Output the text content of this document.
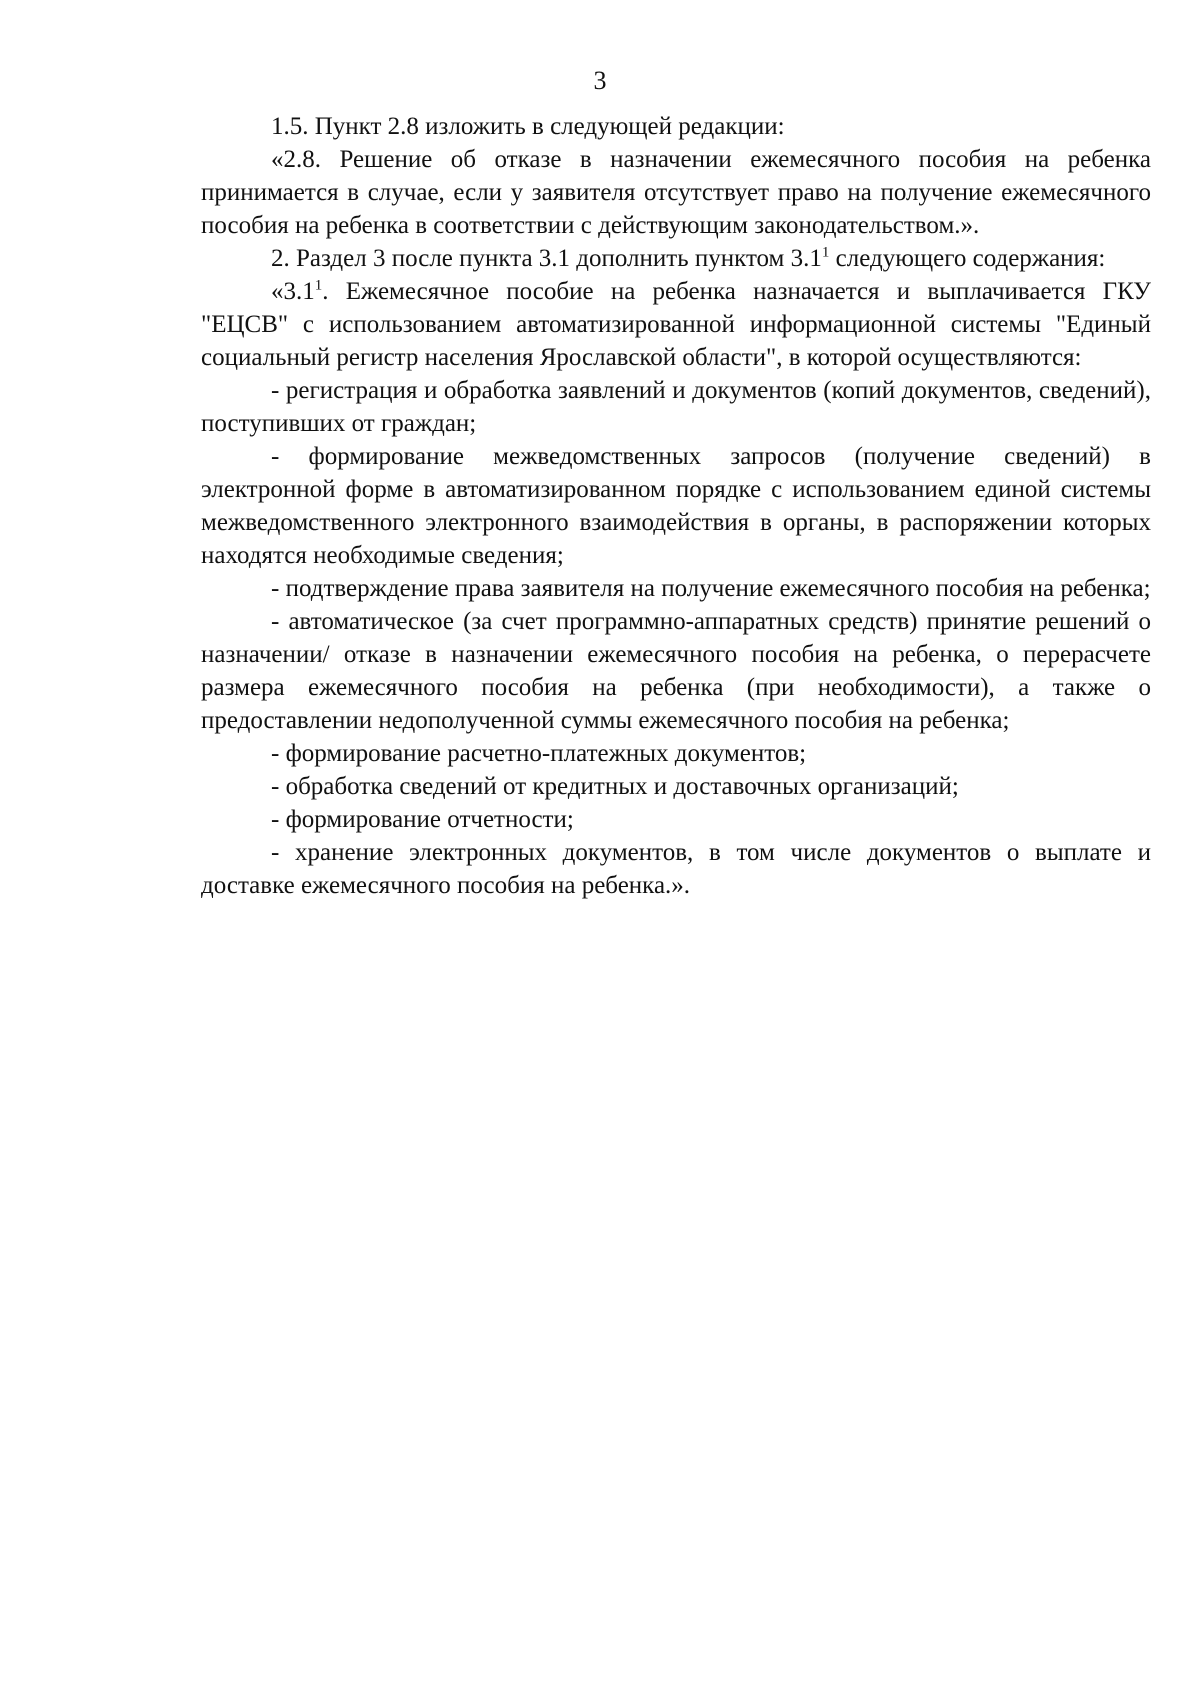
3

1.5. Пункт 2.8 изложить в следующей редакции:

«2.8. Решение об отказе в назначении ежемесячного пособия на ребенка принимается в случае, если у заявителя отсутствует право на получение ежемесячного пособия на ребенка в соответствии с действующим законодательством.».

2. Раздел 3 после пункта 3.1 дополнить пунктом $3.1^1$ следующего содержания:

«$3.1^1$. Ежемесячное пособие на ребенка назначается и выплачивается ГКУ "ЕЦСВ" с использованием автоматизированной информационной системы "Единый социальный регистр населения Ярославской области", в которой осуществляются:

- регистрация и обработка заявлений и документов (копий документов, сведений), поступивших от граждан;

- формирование межведомственных запросов (получение сведений) в электронной форме в автоматизированном порядке с использованием единой системы межведомственного электронного взаимодействия в органы, в распоряжении которых находятся необходимые сведения;

- подтверждение права заявителя на получение ежемесячного пособия на ребенка;

- автоматическое (за счет программно-аппаратных средств) принятие решений о назначении/ отказе в назначении ежемесячного пособия на ребенка, о перерасчете размера ежемесячного пособия на ребенка (при необходимости), а также о предоставлении недополученной суммы ежемесячного пособия на ребенка;

- формирование расчетно-платежных документов;

- обработка сведений от кредитных и доставочных организаций;

- формирование отчетности;

- хранение электронных документов, в том числе документов о выплате и доставке ежемесячного пособия на ребенка.».
